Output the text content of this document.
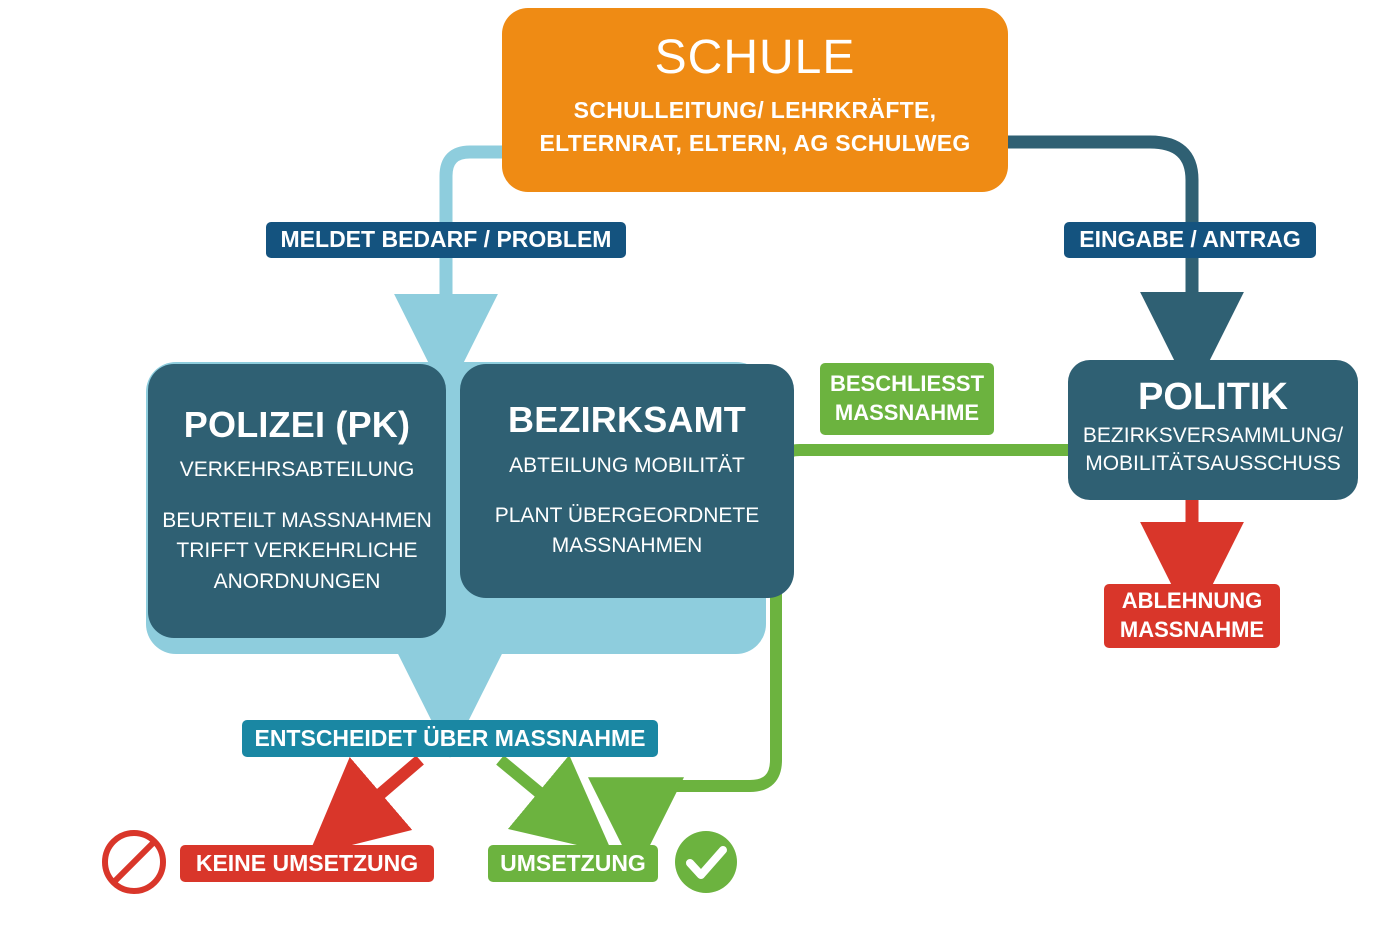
SCHULE
SCHULLEITUNG/ LEHRKRÄFTE,
ELTERNRAT, ELTERN, AG SCHULWEG
POLIZEI (PK)
VERKEHRSABTEILUNG
BEURTEILT MASSNAHMEN
TRIFFT VERKEHRLICHE
ANORDNUNGEN
BEZIRKSAMT
ABTEILUNG MOBILITÄT
PLANT ÜBERGEORDNETE
MASSNAHMEN
POLITIK
BEZIRKSVERSAMMLUNG/
MOBILITÄTSAUSSCHUSS
MELDET BEDARF / PROBLEM	EINGABE / ANTRAG
BESCHLIESST
MASSNAHME
ABLEHNUNG
MASSNAHME
ENTSCHEIDET ÜBER MASSNAHME
KEINE UMSETZUNG	UMSETZUNG
